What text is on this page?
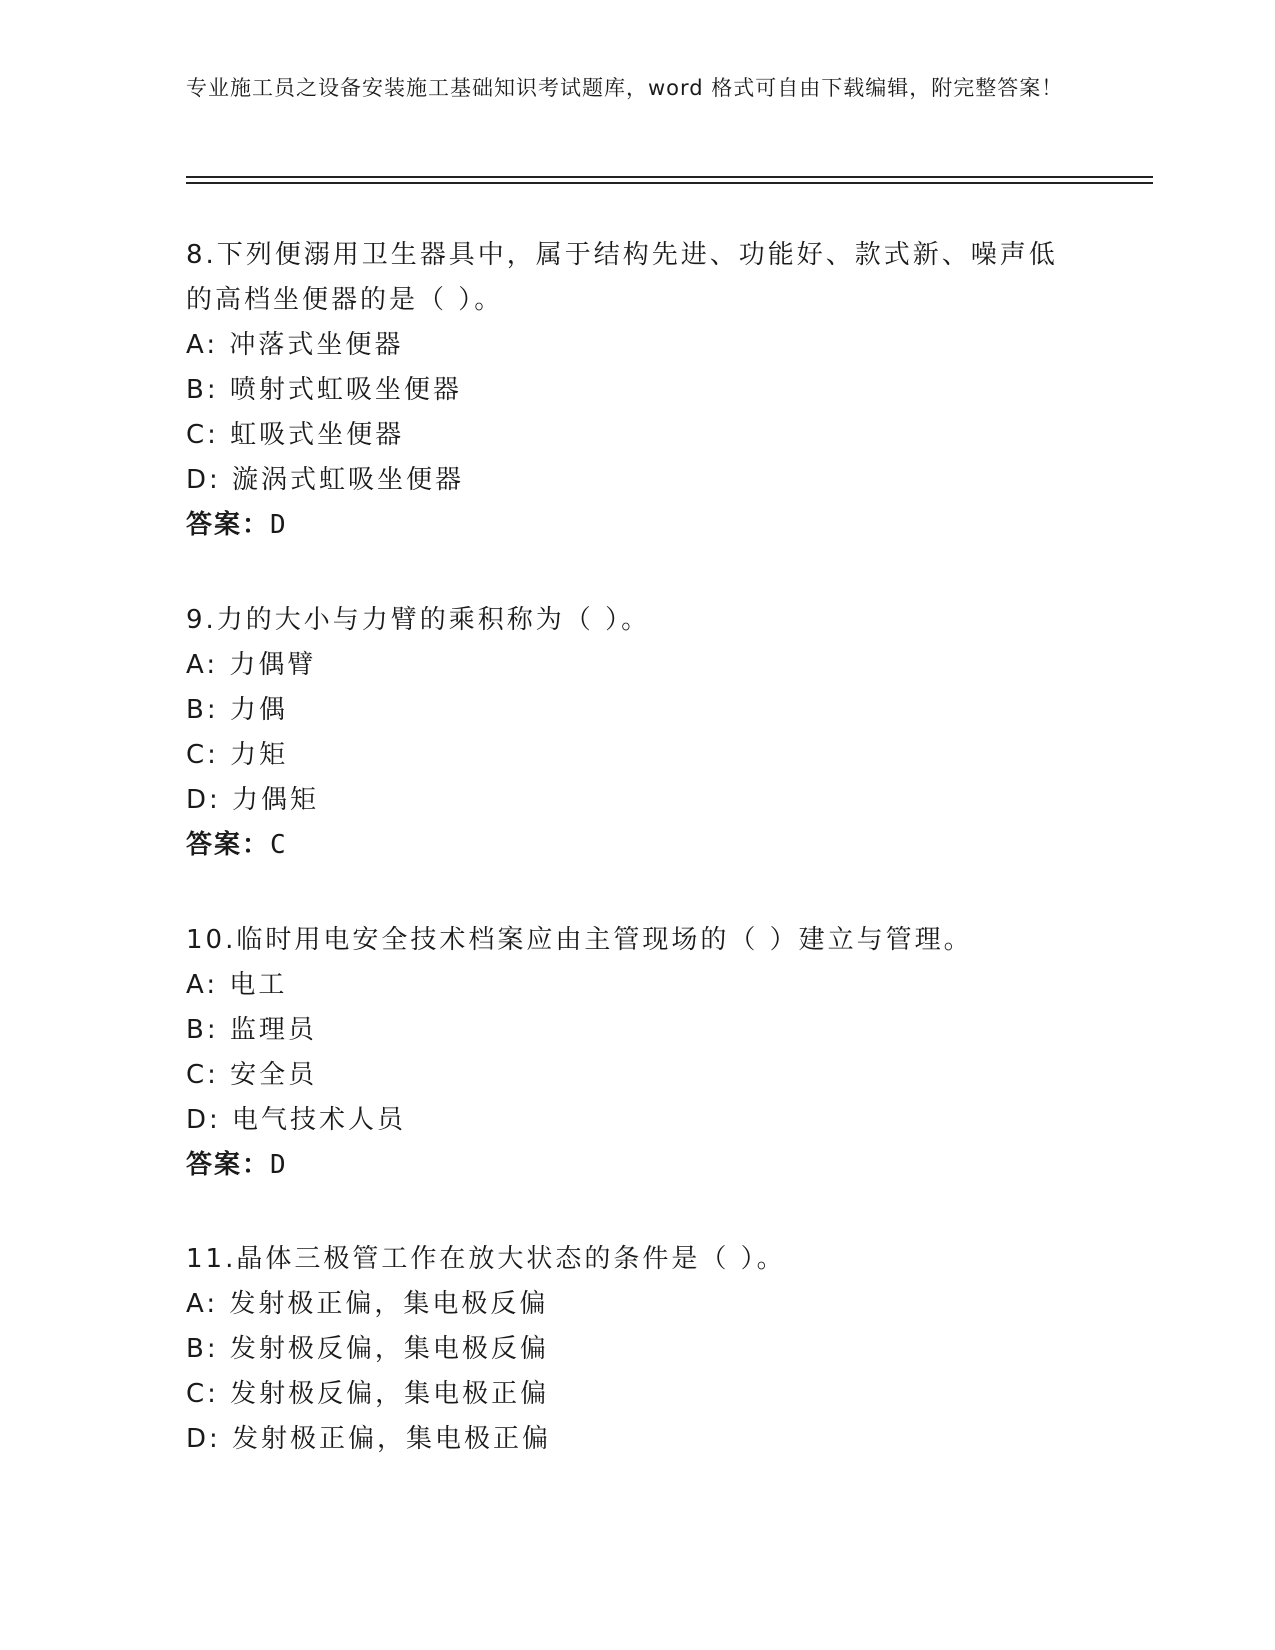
专业施工员之设备安装施工基础知识考试题库，word 格式可自由下载编辑，附完整答案！

8.下列便溺用卫生器具中，属于结构先进、功能好、款式新、噪声低的高档坐便器的是（ ）。

A: 冲落式坐便器

B: 喷射式虹吸坐便器

C: 虹吸式坐便器

D: 漩涡式虹吸坐便器

答案：D

9.力的大小与力臂的乘积称为（ ）。

A: 力偶臂

B: 力偶

C: 力矩

D: 力偶矩

答案：C

10.临时用电安全技术档案应由主管现场的（ ）建立与管理。

A: 电工

B: 监理员

C: 安全员

D: 电气技术人员

答案：D

11.晶体三极管工作在放大状态的条件是（ ）。

A: 发射极正偏，集电极反偏

B: 发射极反偏，集电极反偏

C: 发射极反偏，集电极正偏

D: 发射极正偏，集电极正偏
